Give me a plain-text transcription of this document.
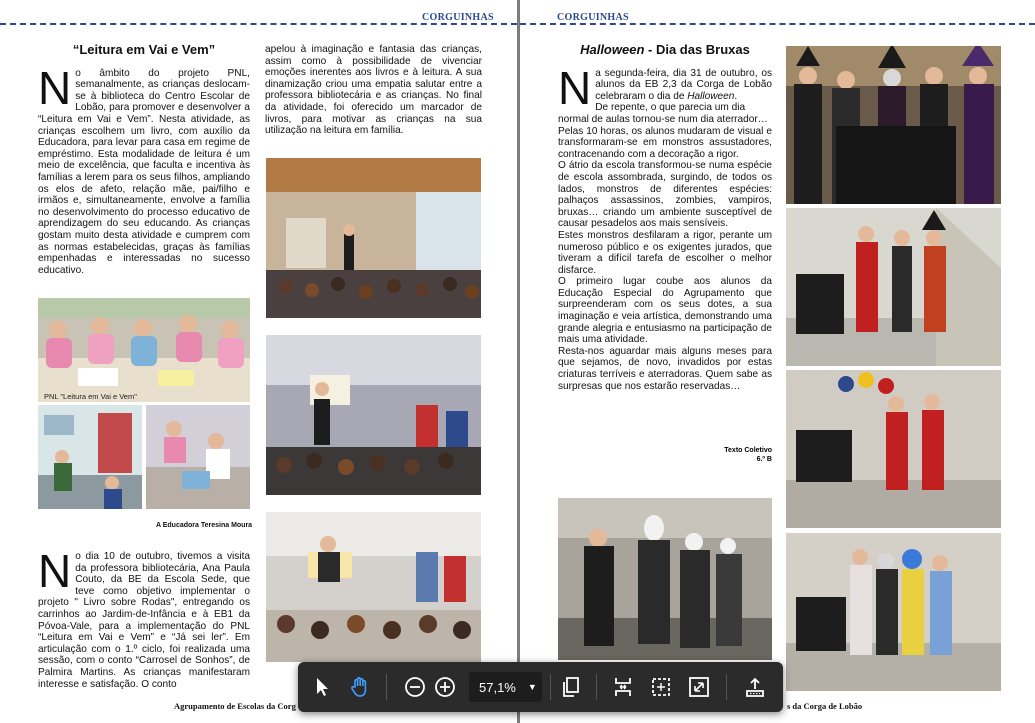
CORGUINHAS
“Leitura em Vai e Vem”

No âmbito do projeto PNL, semanalmente, as crianças deslocam-se à biblioteca do Centro Escolar de Lobão, para promover e desenvolver a “Leitura em Vai e Vem”. Nesta atividade, as crianças escolhem um livro, com auxílio da Educadora, para levar para casa em regime de empréstimo. Esta modalidade de leitura é um meio de excelência, que faculta e incentiva às famílias a lerem para os seus filhos, ampliando os elos de afeto, relação mãe, pai/filho e irmãos e, simultaneamente, envolve a família no desenvolvimento do processo educativo de aprendizagem do seu educando. As crianças gostam muito desta atividade e cumprem com as normas estabelecidas, graças às famílias empenhadas e interessadas no sucesso educativo.

PNL "Leitura em Vai e Vem"
A Educadora Teresina Moura

No dia 10 de outubro, tivemos a visita da professora bibliotecária, Ana Paula Couto, da BE da Escola Sede, que teve como objetivo implementar o projeto " Livro sobre Rodas", entregando os carrinhos ao Jardim-de-Infância e à EB1 da Póvoa-Vale, para a implementação do PNL “Leitura em Vai e Vem” e “Já sei ler”. Em articulação com o 1.º ciclo, foi realizada uma sessão, com o conto “Carrosel de Sonhos”, de Palmira Martins. As crianças manifestaram interesse e satisfação. O conto

apelou à imaginação e fantasia das crianças, assim como à possibilidade de vivenciar emoções inerentes aos livros e à leitura. A sua dinamização criou uma empatia salutar entre a professora bibliotecária e as crianças. No final da atividade, foi oferecido um marcador de livros, para motivar as crianças na sua utilização na leitura em família.

Agrupamento de Escolas da Corg
CORGUINHAS
Halloween - Dia das Bruxas

Na segunda-feira, dia 31 de outubro, os alunos da EB 2,3 da Corga de Lobão celebraram o dia de Halloween.

De repente, o que parecia um dia normal de aulas tornou-se num dia aterrador…

Pelas 10 horas, os alunos mudaram de visual e transformaram-se em monstros assustadores, contracenando com a decoração a rigor.

O átrio da escola transformou-se numa espécie de escola assombrada, surgindo, de todos os lados, monstros de diferentes espécies: palhaços assassinos, zombies, vampiros, bruxas… criando um ambiente susceptível de causar pesadelos aos mais sensíveis.

Estes monstros desfilaram a rigor, perante um numeroso público e os exigentes jurados, que tiveram a difícil tarefa de escolher o melhor disfarce.

O primeiro lugar coube aos alunos da Educação Especial do Agrupamento que surpreenderam com os seus dotes, a sua imaginação e veia artística, demonstrando uma grande alegria e entusiasmo na participação de mais uma atividade.

Resta-nos aguardar mais alguns meses para que sejamos, de novo, invadidos por estas criaturas terríveis e aterradoras. Quem sabe as surpresas que nos estarão reservadas…

Texto Coletivo
6.º B
s da Corga de Lobão
57,1% ▼
